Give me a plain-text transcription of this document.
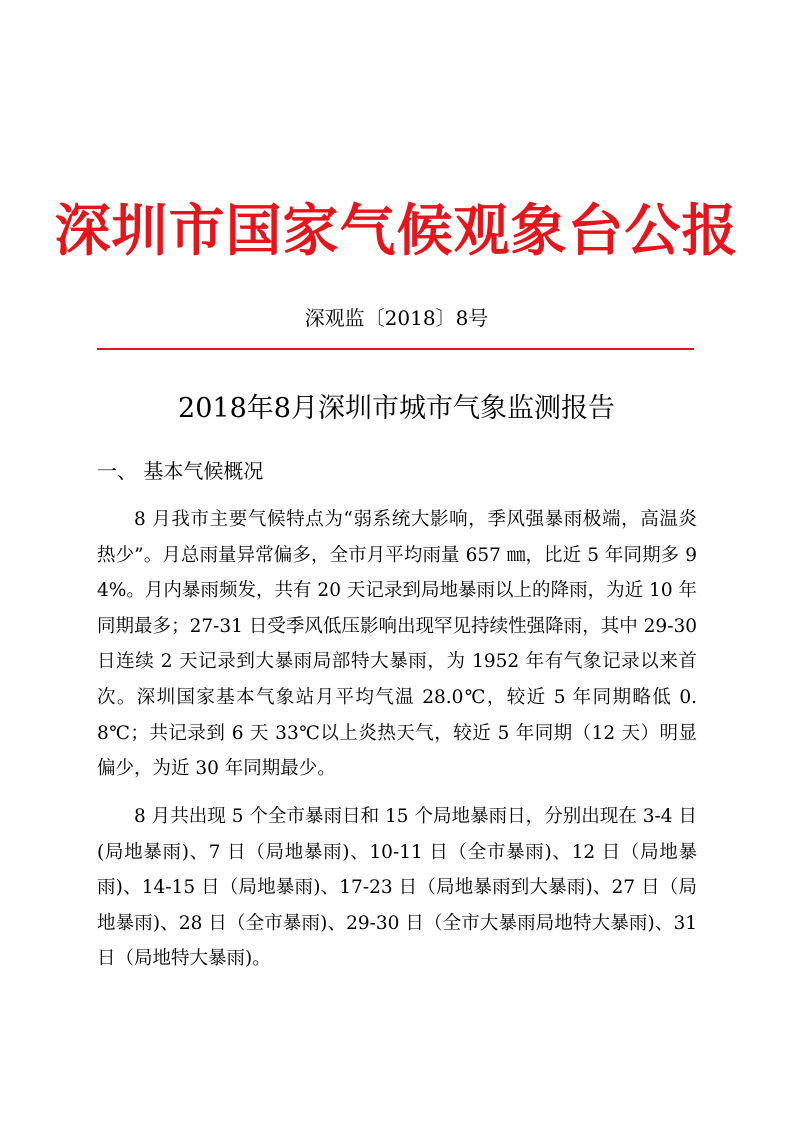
深圳市国家气候观象台公报
深观监〔2018〕8号
2018年8月深圳市城市气象监测报告
一、 基本气候概况

8 月我市主要气候特点为“弱系统大影响，季风强暴雨极端，高温炎热少”。月总雨量异常偏多，全市月平均雨量 657 ㎜，比近 5 年同期多 94%。月内暴雨频发，共有 20 天记录到局地暴雨以上的降雨，为近 10 年同期最多；27-31 日受季风低压影响出现罕见持续性强降雨，其中 29-30 日连续 2 天记录到大暴雨局部特大暴雨，为 1952 年有气象记录以来首次。深圳国家基本气象站月平均气温 28.0℃，较近 5 年同期略低 0.8℃；共记录到 6 天 33℃以上炎热天气，较近 5 年同期（12 天）明显偏少，为近 30 年同期最少。

8 月共出现 5 个全市暴雨日和 15 个局地暴雨日，分别出现在 3-4 日(局地暴雨)、7 日（局地暴雨)、10-11 日（全市暴雨)、12 日（局地暴雨)、14-15 日（局地暴雨)、17-23 日（局地暴雨到大暴雨)、27 日（局地暴雨)、28 日（全市暴雨)、29-30 日（全市大暴雨局地特大暴雨)、31 日（局地特大暴雨)。
